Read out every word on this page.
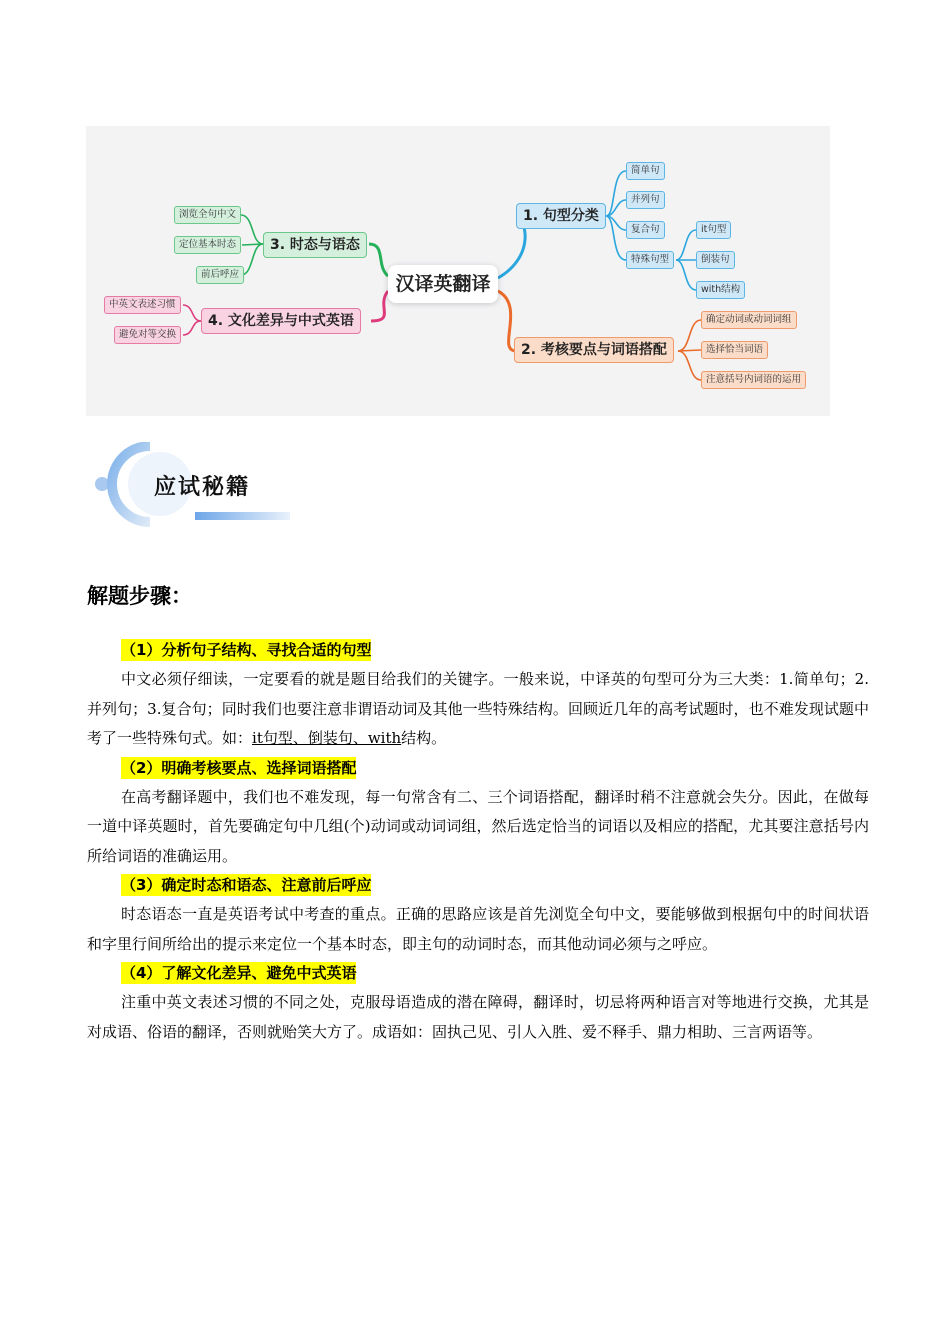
汉译英翻译
1. 句型分类
简单句
并列句
复合句
特殊句型
it句型
倒装句
with结构
2. 考核要点与词语搭配
确定动词或动词词组
选择恰当词语
注意括号内词语的运用
3. 时态与语态
浏览全句中文
定位基本时态
前后呼应
4. 文化差异与中式英语
中英文表述习惯
避免对等交换
应试秘籍
解题步骤：
（1）分析句子结构、寻找合适的句型

中文必须仔细读，一定要看的就是题目给我们的关键字。一般来说，中译英的句型可分为三大类：1.简单句；2.并列句；3.复合句；同时我们也要注意非谓语动词及其他一些特殊结构。回顾近几年的高考试题时，也不难发现试题中考了一些特殊句式。如：it句型、倒装句、with结构。

（2）明确考核要点、选择词语搭配

在高考翻译题中，我们也不难发现，每一句常含有二、三个词语搭配，翻译时稍不注意就会失分。因此，在做每一道中译英题时，首先要确定句中几组(个)动词或动词词组，然后选定恰当的词语以及相应的搭配，尤其要注意括号内所给词语的准确运用。

（3）确定时态和语态、注意前后呼应

时态语态一直是英语考试中考查的重点。正确的思路应该是首先浏览全句中文，要能够做到根据句中的时间状语和字里行间所给出的提示来定位一个基本时态，即主句的动词时态，而其他动词必须与之呼应。

（4）了解文化差异、避免中式英语

注重中英文表述习惯的不同之处，克服母语造成的潜在障碍，翻译时，切忌将两种语言对等地进行交换，尤其是对成语、俗语的翻译，否则就贻笑大方了。成语如：固执己见、引人入胜、爱不释手、鼎力相助、三言两语等。
